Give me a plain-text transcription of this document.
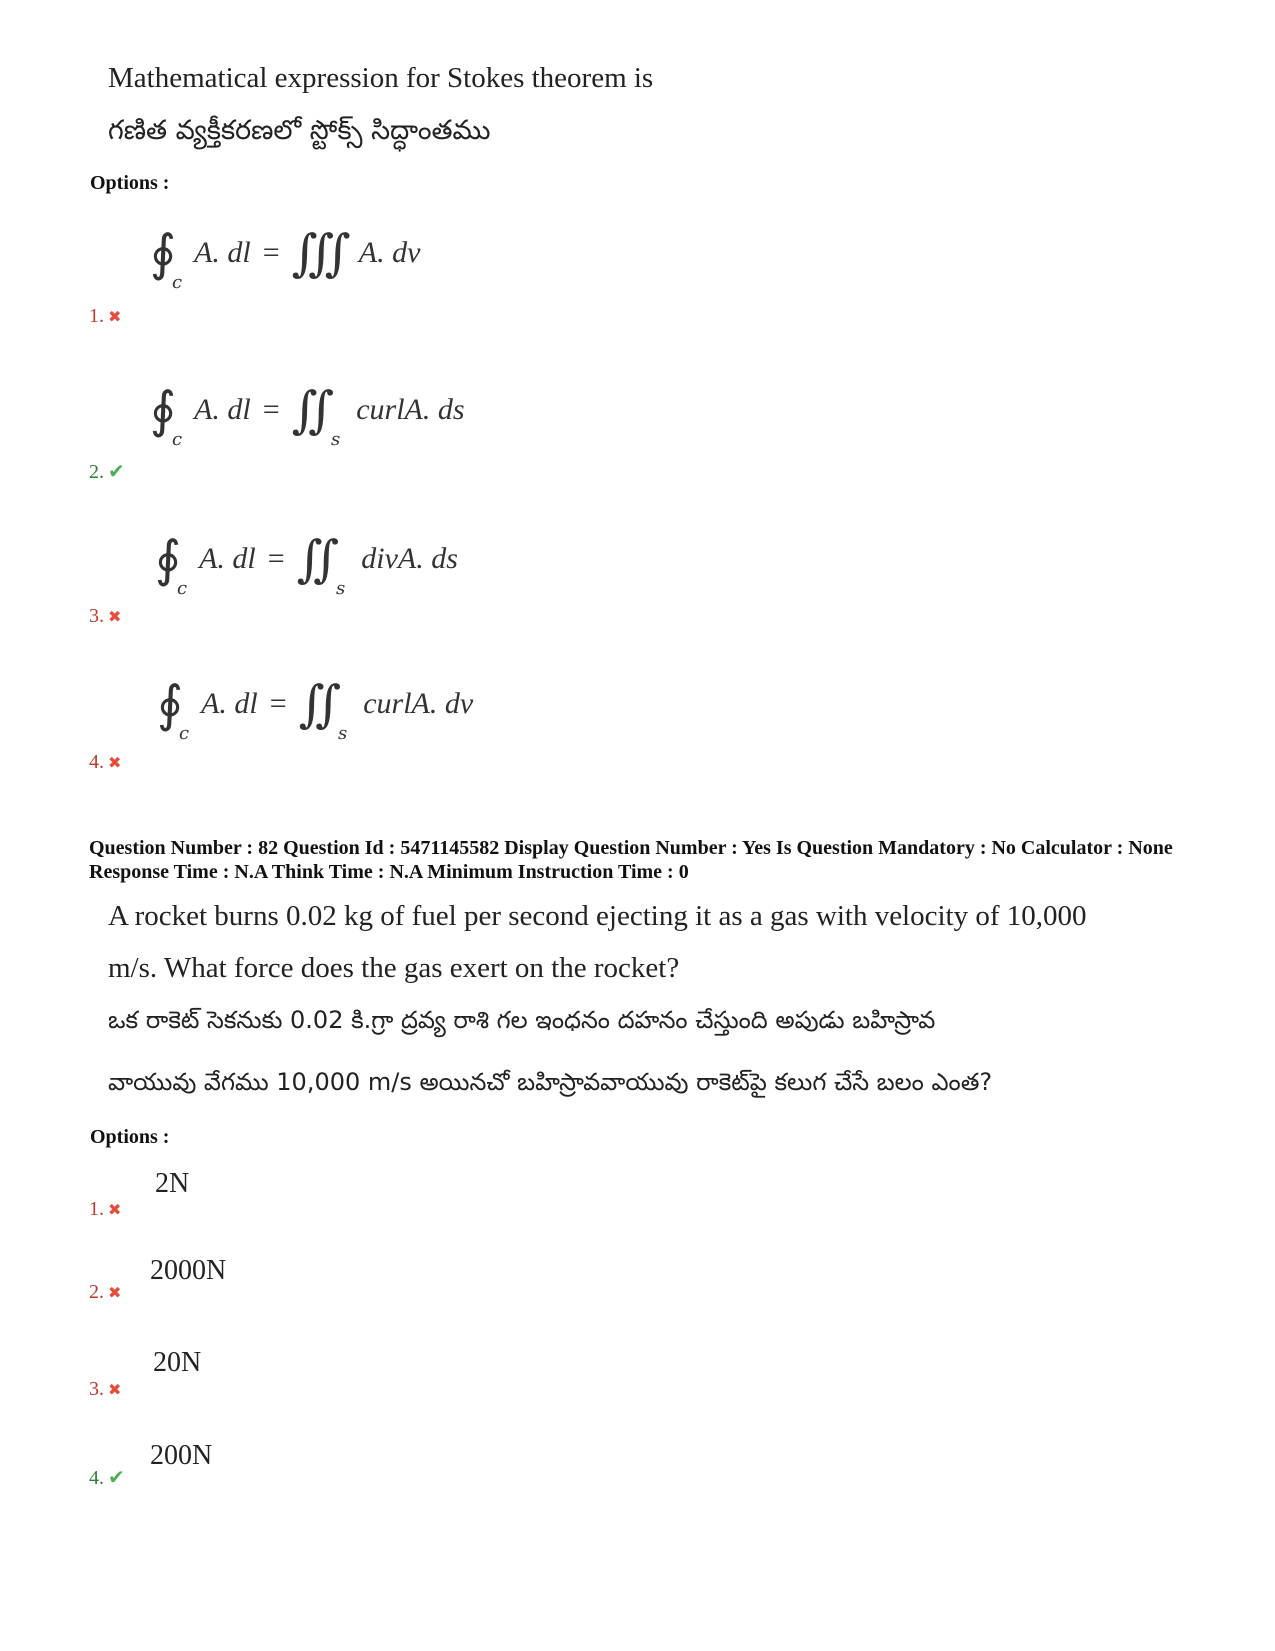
Mathematical expression for Stokes theorem is
గణిత వ్యక్తీకరణలో స్టోక్స్ సిద్ధాంతము
Options :
∮
c
A. dl = ∭ A. dv
1. ✖
∮
c
A. dl = ∬
s
curlA. ds
2. ✔
∮
c
A. dl = ∬
s
divA. ds
3. ✖
∮
c
A. dl = ∬
s
curlA. dv
4. ✖
Question Number : 82 Question Id : 5471145582 Display Question Number : Yes Is Question Mandatory : No Calculator : None Response Time : N.A Think Time : N.A Minimum Instruction Time : 0
A rocket burns 0.02 kg of fuel per second ejecting it as a gas with velocity of 10,000
m/s. What force does the gas exert on the rocket?
ఒక రాకెట్ సెకనుకు 0.02 కి.గ్రా ద్రవ్య రాశి గల ఇంధనం దహనం చేస్తుంది అపుడు బహిస్రావ
వాయువు వేగము 10,000 m/s అయినచో బహిస్రావవాయువు రాకెట్‌పై కలుగ చేసే బలం ఎంత?
Options :
2N
1. ✖
2000N
2. ✖
20N
3. ✖
200N
4. ✔
